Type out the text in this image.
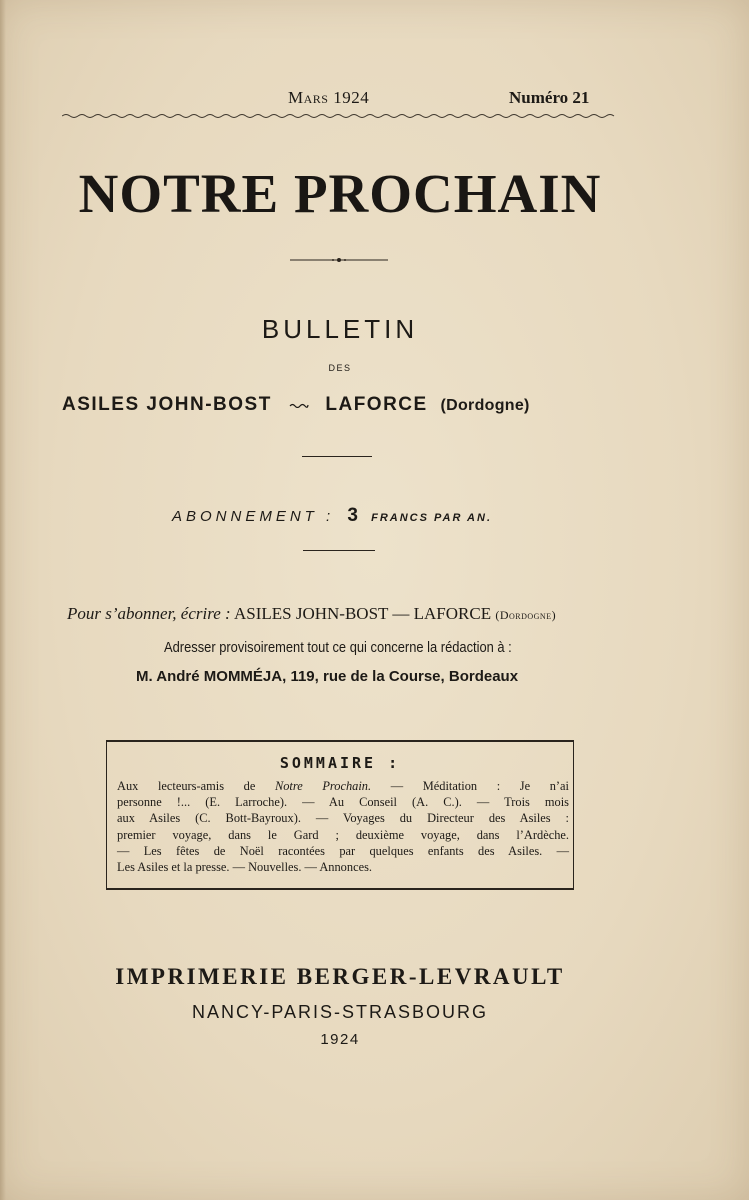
Mars 1924	Numéro 21
NOTRE PROCHAIN
BULLETIN
DES
ASILES JOHN-BOST	LAFORCE (Dordogne)
ABONNEMENT : 3 FRANCS PAR AN.
Pour s’abonner, écrire : ASILES JOHN-BOST — LAFORCE (Dordogne)
Adresser provisoirement tout ce qui concerne la rédaction à :
M. André MOMMÉJA, 119, rue de la Course, Bordeaux
SOMMAIRE :
Aux lecteurs-amis de Notre Prochain. — Méditation : Je n’ai
personne !... (E. Larroche). — Au Conseil (A. C.). — Trois mois
aux Asiles (C. Bott-Bayroux). — Voyages du Directeur des Asiles :
premier voyage, dans le Gard ; deuxième voyage, dans l’Ardèche.
— Les fêtes de Noël racontées par quelques enfants des Asiles. —
Les Asiles et la presse. — Nouvelles. — Annonces.
IMPRIMERIE BERGER-LEVRAULT
NANCY-PARIS-STRASBOURG
1924
